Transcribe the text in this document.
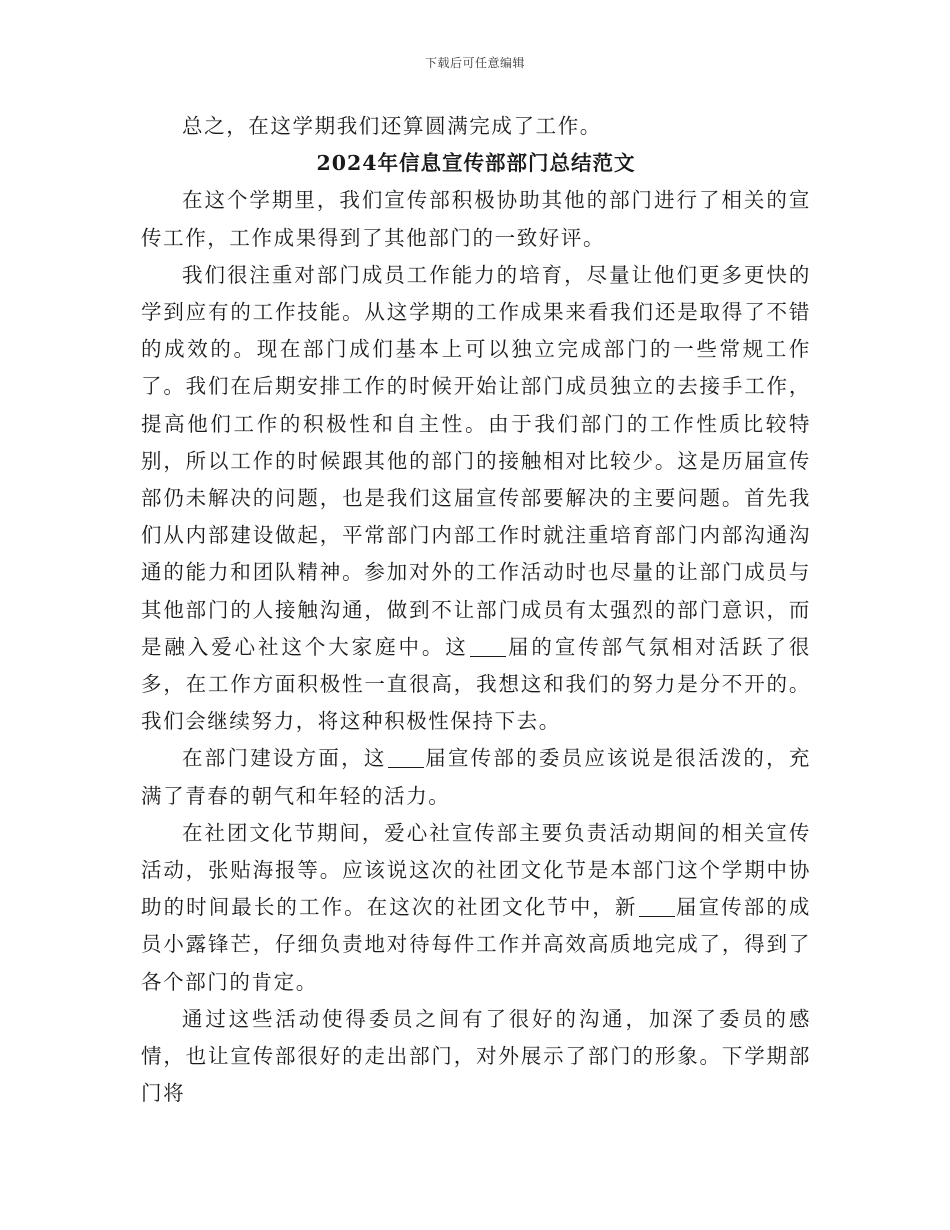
下载后可任意编辑

总之，在这学期我们还算圆满完成了工作。

2024年信息宣传部部门总结范文

在这个学期里，我们宣传部积极协助其他的部门进行了相关的宣传工作，工作成果得到了其他部门的一致好评。

我们很注重对部门成员工作能力的培育，尽量让他们更多更快的学到应有的工作技能。从这学期的工作成果来看我们还是取得了不错的成效的。现在部门成们基本上可以独立完成部门的一些常规工作了。我们在后期安排工作的时候开始让部门成员独立的去接手工作，提高他们工作的积极性和自主性。由于我们部门的工作性质比较特别，所以工作的时候跟其他的部门的接触相对比较少。这是历届宣传部仍未解决的问题，也是我们这届宣传部要解决的主要问题。首先我们从内部建设做起，平常部门内部工作时就注重培育部门内部沟通沟通的能力和团队精神。参加对外的工作活动时也尽量的让部门成员与其他部门的人接触沟通，做到不让部门成员有太强烈的部门意识，而是融入爱心社这个大家庭中。这 届的宣传部气氛相对活跃了很多，在工作方面积极性一直很高，我想这和我们的努力是分不开的。我们会继续努力，将这种积极性保持下去。

在部门建设方面，这 届宣传部的委员应该说是很活泼的，充满了青春的朝气和年轻的活力。

在社团文化节期间，爱心社宣传部主要负责活动期间的相关宣传活动，张贴海报等。应该说这次的社团文化节是本部门这个学期中协助的时间最长的工作。在这次的社团文化节中，新 届宣传部的成员小露锋芒，仔细负责地对待每件工作并高效高质地完成了，得到了各个部门的肯定。

通过这些活动使得委员之间有了很好的沟通，加深了委员的感情，也让宣传部很好的走出部门，对外展示了部门的形象。下学期部门将
